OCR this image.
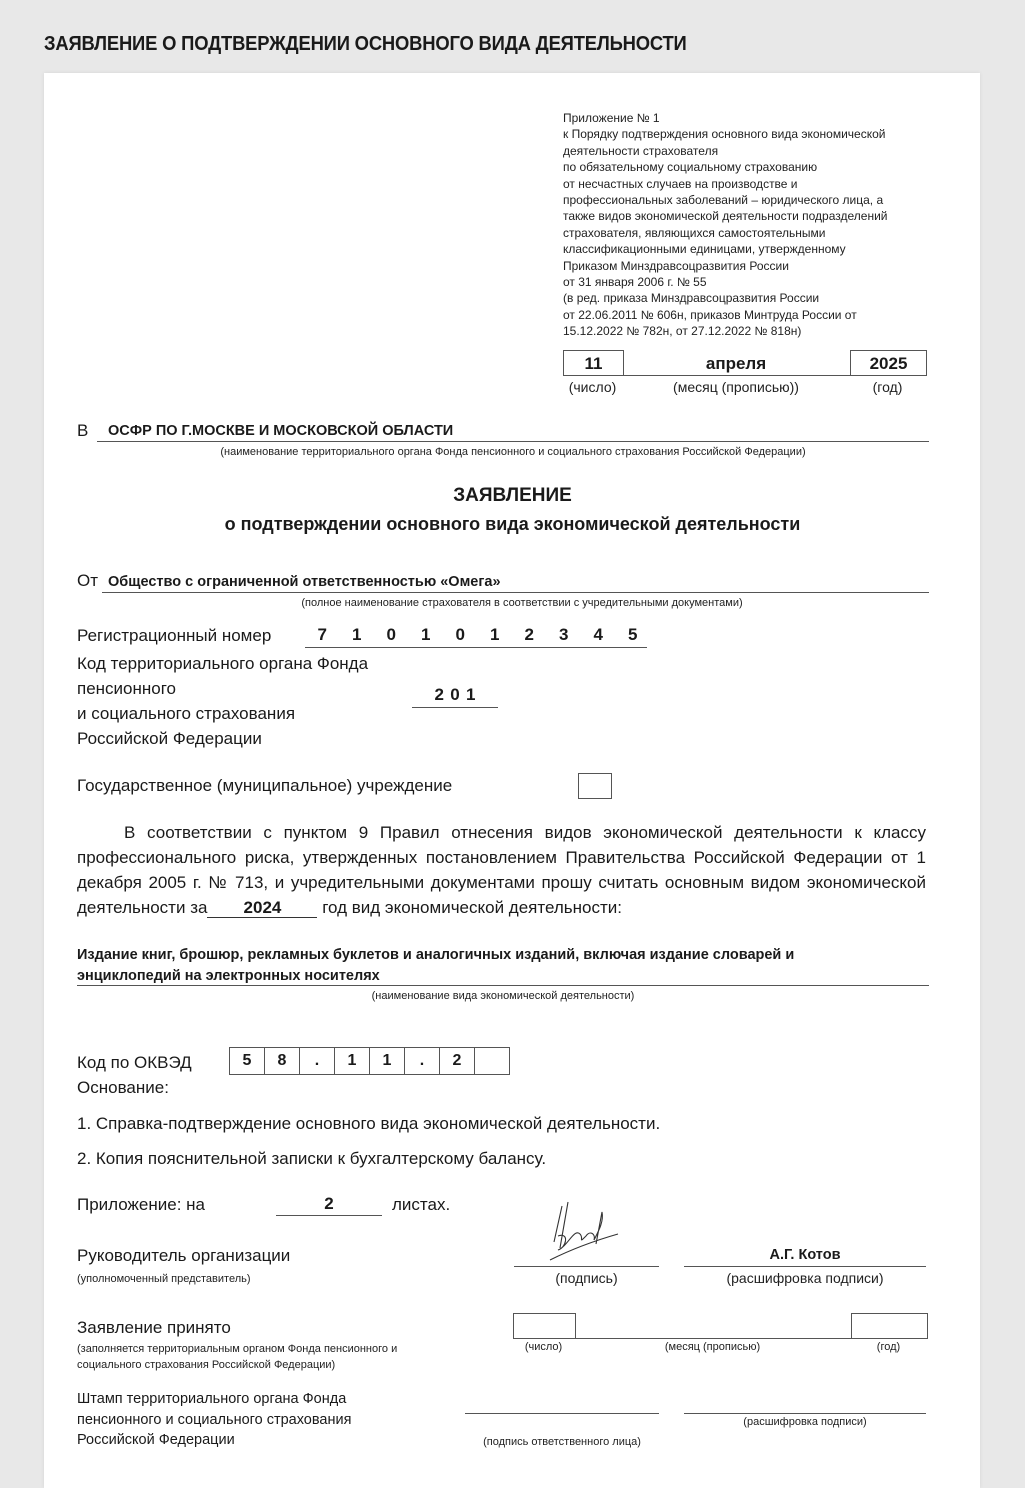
ЗАЯВЛЕНИЕ О ПОДТВЕРЖДЕНИИ ОСНОВНОГО ВИДА ДЕЯТЕЛЬНОСТИ
Приложение № 1
к Порядку подтверждения основного вида экономической
деятельности страхователя
по обязательному социальному страхованию
от несчастных случаев на производстве и
профессиональных заболеваний – юридического лица, а
также видов экономической деятельности подразделений
страхователя, являющихся самостоятельными
классификационными единицами, утвержденному
Приказом Минздравсоцразвития России
от 31 января 2006 г. № 55
(в ред. приказа Минздравсоцразвития России
от 22.06.2011 № 606н, приказов Минтруда России от
15.12.2022 № 782н, от 27.12.2022 № 818н)
11	апреля	2025
(число)	(месяц (прописью))	(год)
В ОСФР ПО Г.МОСКВЕ И МОСКОВСКОЙ ОБЛАСТИ
(наименование территориального органа Фонда пенсионного и социального страхования Российской Федерации)
ЗАЯВЛЕНИЕ
о подтверждении основного вида экономической деятельности
От Общество с ограниченной ответственностью «Омега»
(полное наименование страхователя в соответствии с учредительными документами)
Регистрационный номер	7 1 0 1 0 1 2 3 4 5
Код территориального органа Фонда
пенсионного
и социального страхования
Российской Федерации
2 0 1
Государственное (муниципальное) учреждение
В соответствии с пунктом 9 Правил отнесения видов экономической деятельности к классу профессионального риска, утвержденных постановлением Правительства Российской Федерации от 1 декабря 2005 г. № 713, и учредительными документами прошу считать основным видом экономической деятельности за 2024 год вид экономической деятельности:
Издание книг, брошюр, рекламных буклетов и аналогичных изданий, включая издание словарей и
энциклопедий на электронных носителях
(наименование вида экономической деятельности)
Код по ОКВЭД	5	8	.	1	1	.	2
Основание:
1. Справка-подтверждение основного вида экономической деятельности.
2. Копия пояснительной записки к бухгалтерскому балансу.
Приложение: на	2	листах.
Руководитель организации
(уполномоченный представитель)	(подпись)
А.Г. Котов
(расшифровка подписи)
Заявление принято
(заполняется территориальным органом Фонда пенсионного и
социального страхования Российской Федерации)
(число)	(месяц (прописью)	(год)
Штамп территориального органа Фонда
пенсионного и социального страхования
Российской Федерации	(подпись ответственного лица)
(расшифровка подписи)
